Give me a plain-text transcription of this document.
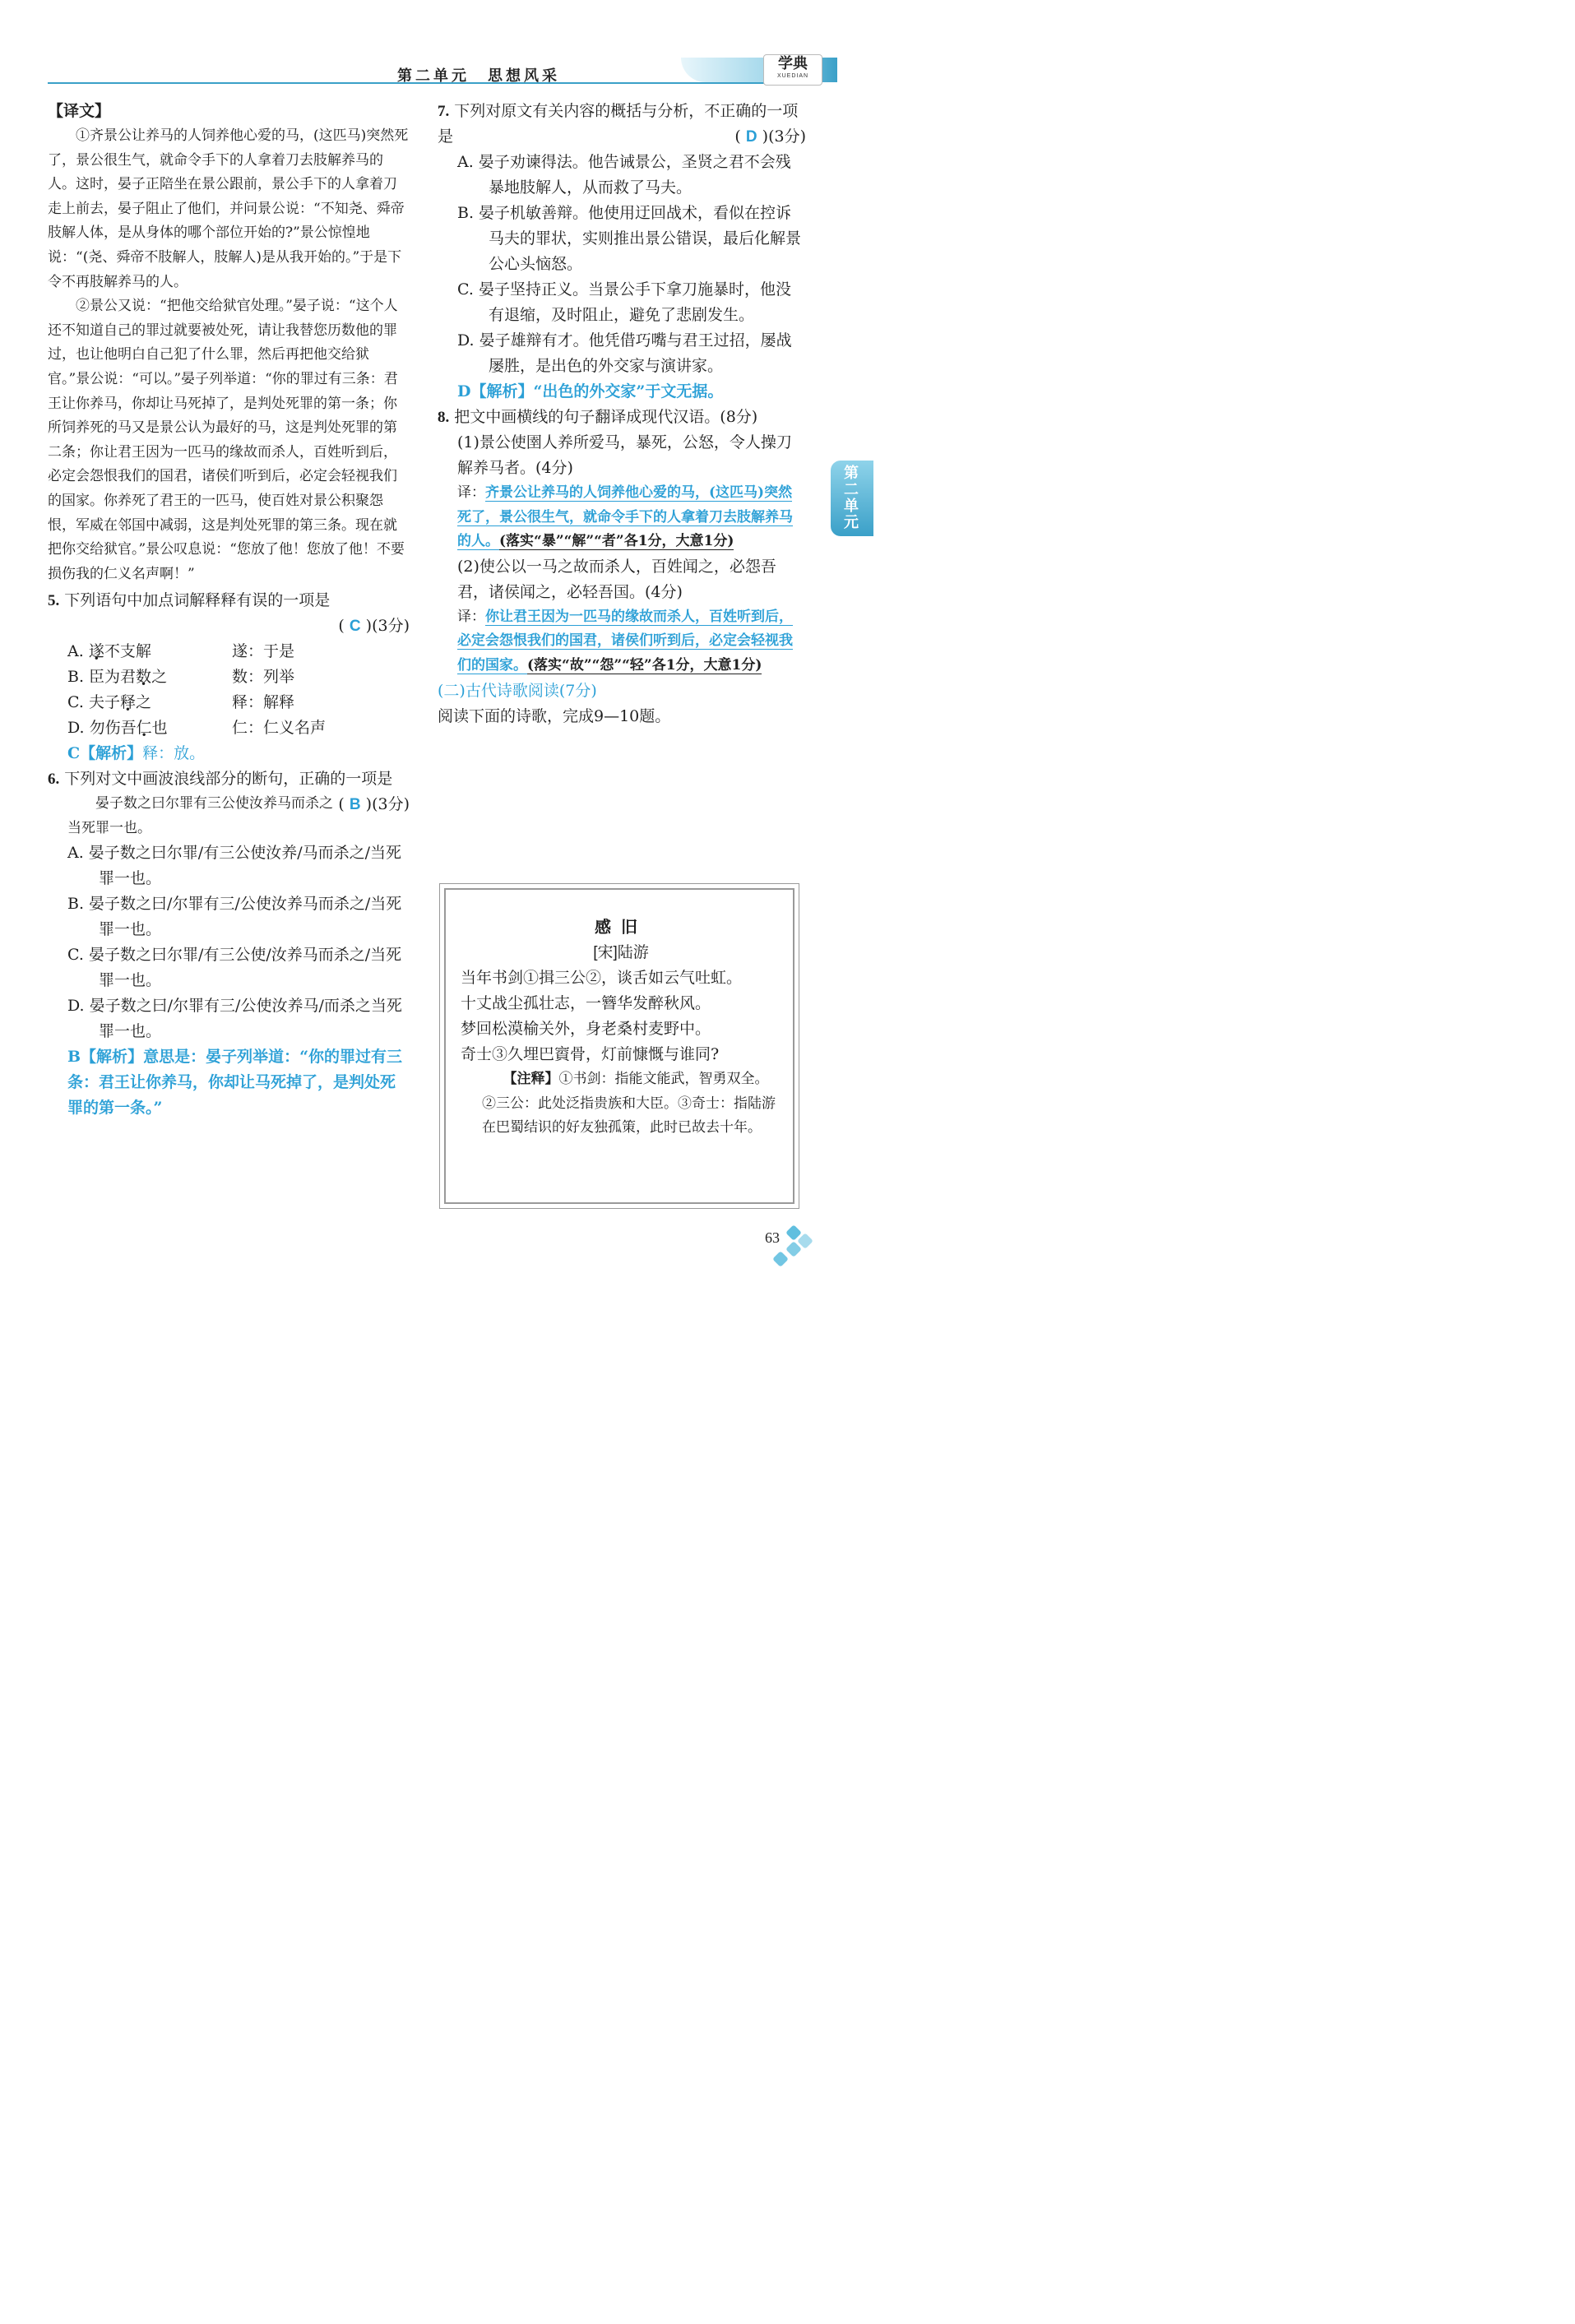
第二单元　思想风采
学典
XUEDIAN

【译文】

①齐景公让养马的人饲养他心爱的马，(这匹马)突然死了，景公很生气，就命令手下的人拿着刀去肢解养马的人。这时，晏子正陪坐在景公跟前，景公手下的人拿着刀走上前去，晏子阻止了他们，并问景公说：“不知尧、舜帝肢解人体，是从身体的哪个部位开始的?”景公惊惶地说：“(尧、舜帝不肢解人，肢解人)是从我开始的。”于是下令不再肢解养马的人。

②景公又说：“把他交给狱官处理。”晏子说：“这个人还不知道自己的罪过就要被处死，请让我替您历数他的罪过，也让他明白自己犯了什么罪，然后再把他交给狱官。”景公说：“可以。”晏子列举道：“你的罪过有三条：君王让你养马，你却让马死掉了，是判处死罪的第一条；你所饲养死的马又是景公认为最好的马，这是判处死罪的第二条；你让君王因为一匹马的缘故而杀人，百姓听到后，必定会怨恨我们的国君，诸侯们听到后，必定会轻视我们的国家。你养死了君王的一匹马，使百姓对景公积聚怨恨，军威在邻国中减弱，这是判处死罪的第三条。现在就把你交给狱官。”景公叹息说：“您放了他！您放了他！不要损伤我的仁义名声啊！”

5. 下列语句中加点词解释释有误的一项是

( C )(3分)

A. 遂不支解	遂：于是
B. 臣为君数之	数：列举
C. 夫子释之	释：解释
D. 勿伤吾仁也	仁：仁义名声

C【解析】释：放。

6. 下列对文中画波浪线部分的断句，正确的一项是
( B )(3分)

晏子数之曰尔罪有三公使汝养马而杀之当死罪一也。

A. 晏子数之曰尔罪/有三公使汝养/马而杀之/当死罪一也。

B. 晏子数之曰/尔罪有三/公使汝养马而杀之/当死罪一也。

C. 晏子数之曰尔罪/有三公使/汝养马而杀之/当死罪一也。

D. 晏子数之曰/尔罪有三/公使汝养马/而杀之当死罪一也。

B【解析】意思是：晏子列举道：“你的罪过有三条：君王让你养马，你却让马死掉了，是判处死罪的第一条。”

7. 下列对原文有关内容的概括与分析，不正确的一项是	( D )(3分)

A. 晏子劝谏得法。他告诫景公，圣贤之君不会残暴地肢解人，从而救了马夫。

B. 晏子机敏善辩。他使用迂回战术，看似在控诉马夫的罪状，实则推出景公错误，最后化解景公心头恼怒。

C. 晏子坚持正义。当景公手下拿刀施暴时，他没有退缩，及时阻止，避免了悲剧发生。

D. 晏子雄辩有才。他凭借巧嘴与君王过招，屡战屡胜，是出色的外交家与演讲家。

D【解析】“出色的外交家”于文无据。

8. 把文中画横线的句子翻译成现代汉语。(8分)

(1)景公使圉人养所爱马，暴死，公怒，令人操刀解养马者。(4分)

译：齐景公让养马的人饲养他心爱的马，(这匹马)突然死了，景公很生气，就命令手下的人拿着刀去肢解养马的人。(落实“暴”“解”“者”各1分，大意1分)

(2)使公以一马之故而杀人，百姓闻之，必怨吾君，诸侯闻之，必轻吾国。(4分)

译：你让君王因为一匹马的缘故而杀人，百姓听到后，必定会怨恨我们的国君，诸侯们听到后，必定会轻视我们的国家。(落实“故”“怨”“轻”各1分，大意1分)

(二)古代诗歌阅读(7分)

阅读下面的诗歌，完成9—10题。

感旧

[宋]陆游

当年书剑①揖三公②，谈舌如云气吐虹。

十丈战尘孤壮志，一簪华发醉秋风。

梦回松漠榆关外，身老桑村麦野中。

奇士③久埋巴賨骨，灯前慷慨与谁同?

【注释】①书剑：指能文能武，智勇双全。②三公：此处泛指贵族和大臣。③奇士：指陆游在巴蜀结识的好友独孤策，此时已故去十年。

第二单元
63
